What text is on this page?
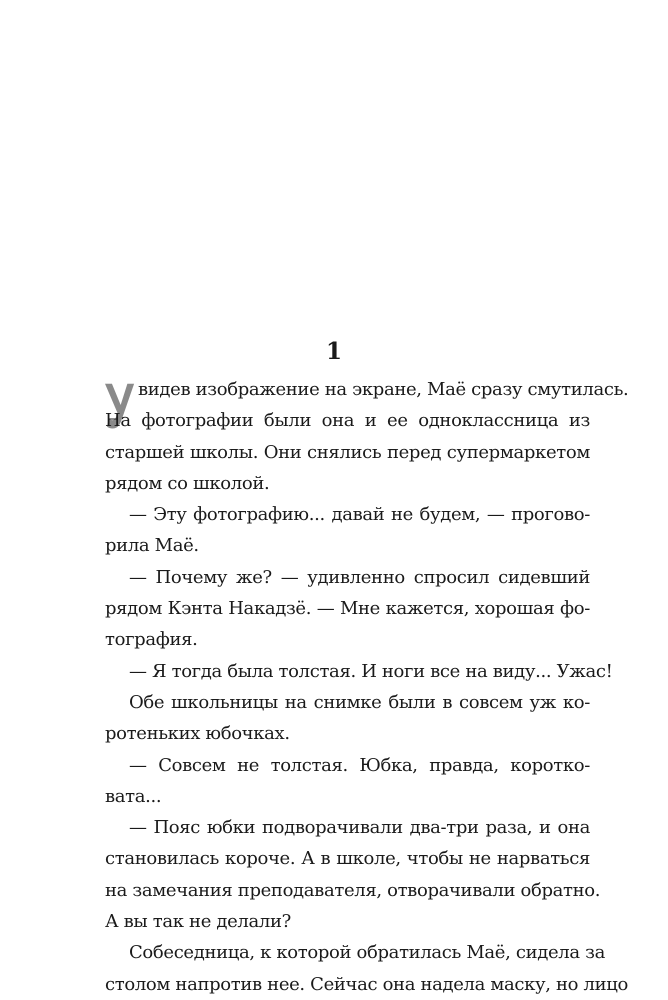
1
У видев изображение на экране, Маё сразу смутилась.
На фотографии были она и ее одноклассница из
старшей школы. Они снялись перед супермаркетом
рядом со школой.
— Эту фотографию... давай не будем, — прогово-
рила Маё.
— Почему же? — удивленно спросил сидевший
рядом Кэнта Накадзё. — Мне кажется, хорошая фо-
тография.
— Я тогда была толстая. И ноги все на виду... Ужас!
Обе школьницы на снимке были в совсем уж ко-
ротеньких юбочках.
— Совсем не толстая. Юбка, правда, коротко-
вата...
— Пояс юбки подворачивали два-три раза, и она
становилась короче. А в школе, чтобы не нарваться
на замечания преподавателя, отворачивали обратно.
А вы так не делали?
Собеседница, к которой обратилась Маё, сидела за
столом напротив нее. Сейчас она надела маску, но лицо
